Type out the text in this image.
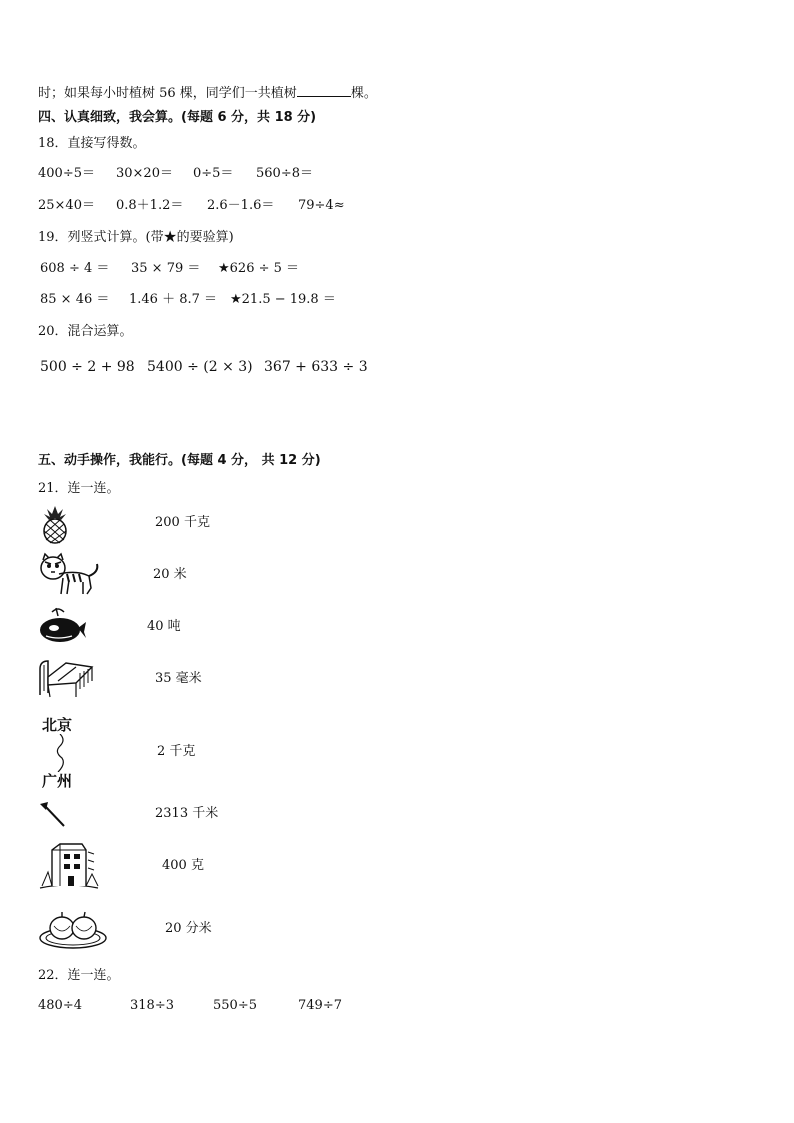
时；如果每小时植树 56 棵，同学们一共植树	棵。
四、认真细致，我会算。(每题 6 分，共 18 分)
18．直接写得数。
400÷5＝ 30×20＝ 0÷5＝ 560÷8＝
25×40＝ 0.8＋1.2＝ 2.6－1.6＝ 79÷4≈
19．列竖式计算。(带★的要验算)
608 ÷ 4 ＝ 35 × 79 ＝ ★626 ÷ 5 ＝
85 × 46 ＝ 1.46 ＋ 8.7 ＝ ★21.5 − 19.8 ＝
20．混合运算。
500 ÷ 2 + 98 5400 ÷ (2 × 3) 367 + 633 ÷ 3
五、动手操作，我能行。(每题 4 分， 共 12 分)
21．连一连。
北京
广州
200 千克
20 米
40 吨
35 毫米
2 千克
2313 千米
400 克
20 分米
22．连一连。
480÷4	318÷3	550÷5	749÷7
